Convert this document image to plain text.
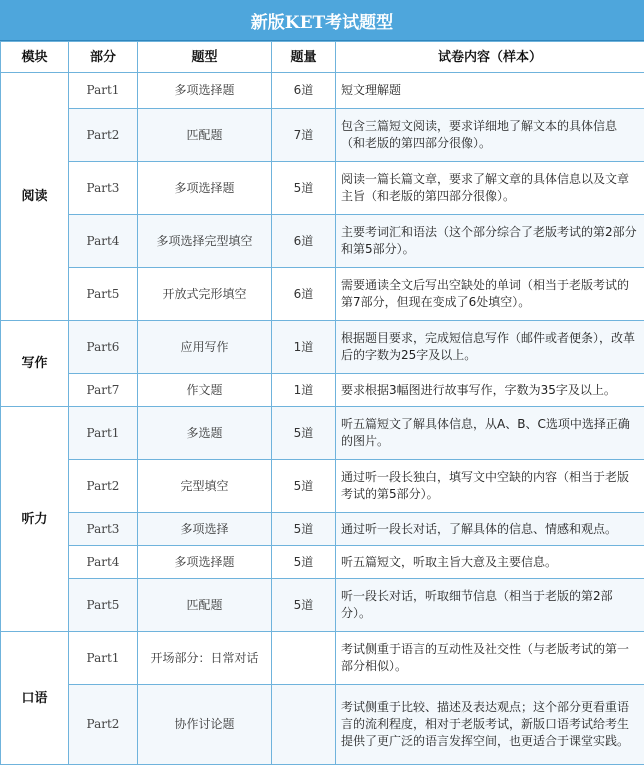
新版KET考试题型
模块	部分	题型	题量	试卷内容（样本）
阅读	Part1	多项选择题	6道	短文理解题
	Part2	匹配题	7道	包含三篇短文阅读，要求详细地了解文本的具体信息（和老版的第四部分很像）。
	Part3	多项选择题	5道	阅读一篇长篇文章，要求了解文章的具体信息以及文章主旨（和老版的第四部分很像）。
	Part4	多项选择完型填空	6道	主要考词汇和语法（这个部分综合了老版考试的第2部分和第5部分）。
	Part5	开放式完形填空	6道	需要通读全文后写出空缺处的单词（相当于老版考试的第7部分，但现在变成了6处填空）。
写作	Part6	应用写作	1道	根据题目要求，完成短信息写作（邮件或者便条），改革后的字数为25字及以上。
	Part7	作文题	1道	要求根据3幅图进行故事写作，字数为35字及以上。
听力	Part1	多选题	5道	听五篇短文了解具体信息，从A、B、C选项中选择正确的图片。
	Part2	完型填空	5道	通过听一段长独白，填写文中空缺的内容（相当于老版考试的第5部分）。
	Part3	多项选择	5道	通过听一段长对话，了解具体的信息、情感和观点。
	Part4	多项选择题	5道	听五篇短文，听取主旨大意及主要信息。
	Part5	匹配题	5道	听一段长对话，听取细节信息（相当于老版的第2部分）。
口语	Part1	开场部分：日常对话		考试侧重于语言的互动性及社交性（与老版考试的第一部分相似）。
	Part2	协作讨论题		考试侧重于比较、描述及表达观点；这个部分更看重语言的流利程度，相对于老版考试，新版口语考试给考生提供了更广泛的语言发挥空间，也更适合于课堂实践。
